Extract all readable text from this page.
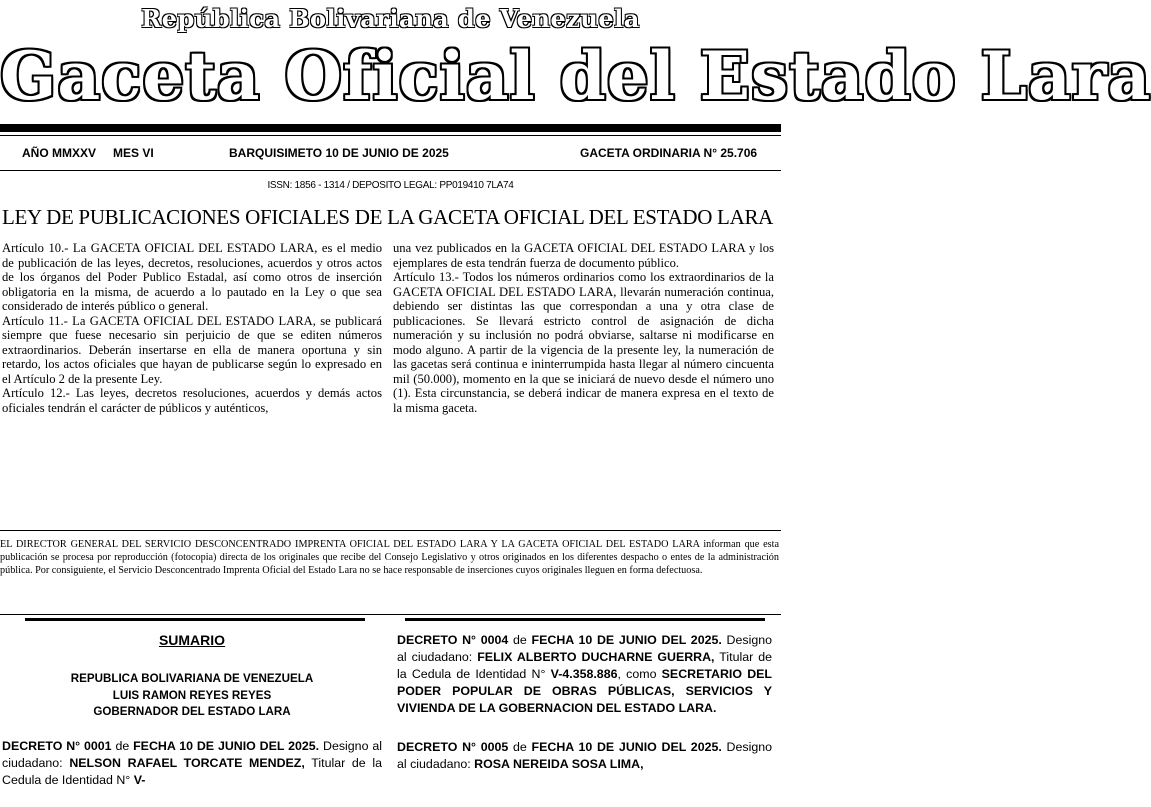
República Bolivariana de Venezuela
Gaceta Oficial del Estado Lara
AÑO MMXXV MES VI	BARQUISIMETO 10 DE JUNIO DE 2025	GACETA ORDINARIA N° 25.706
ISSN: 1856 - 1314 / DEPOSITO LEGAL: PP019410 7LA74
LEY DE PUBLICACIONES OFICIALES DE LA GACETA OFICIAL DEL ESTADO LARA

Artículo 10.- La GACETA OFICIAL DEL ESTADO LARA, es el medio de publicación de las leyes, decretos, resoluciones, acuerdos y otros actos de los órganos del Poder Publico Estadal, así como otros de inserción obligatoria en la misma, de acuerdo a lo pautado en la Ley o que sea considerado de interés público o general.

Artículo 11.- La GACETA OFICIAL DEL ESTADO LARA, se publicará siempre que fuese necesario sin perjuicio de que se editen números extraordinarios. Deberán insertarse en ella de manera oportuna y sin retardo, los actos oficiales que hayan de publicarse según lo expresado en el Artículo 2 de la presente Ley.

Artículo 12.- Las leyes, decretos resoluciones, acuerdos y demás actos oficiales tendrán el carácter de públicos y auténticos,

una vez publicados en la GACETA OFICIAL DEL ESTADO LARA y los ejemplares de esta tendrán fuerza de documento público.

Artículo 13.- Todos los números ordinarios como los extraordinarios de la GACETA OFICIAL DEL ESTADO LARA, llevarán numeración continua, debiendo ser distintas las que correspondan a una y otra clase de publicaciones. Se llevará estricto control de asignación de dicha numeración y su inclusión no podrá obviarse, saltarse ni modificarse en modo alguno. A partir de la vigencia de la presente ley, la numeración de las gacetas será continua e ininterrumpida hasta llegar al número cincuenta mil (50.000), momento en la que se iniciará de nuevo desde el número uno (1). Esta circunstancia, se deberá indicar de manera expresa en el texto de la misma gaceta.

EL DIRECTOR GENERAL DEL SERVICIO DESCONCENTRADO IMPRENTA OFICIAL DEL ESTADO LARA Y LA GACETA OFICIAL DEL ESTADO LARA informan que esta publicación se procesa por reproducción (fotocopia) directa de los originales que recibe del Consejo Legislativo y otros originados en los diferentes despacho o entes de la administración pública. Por consiguiente, el Servicio Desconcentrado Imprenta Oficial del Estado Lara no se hace responsable de inserciones cuyos originales lleguen en forma defectuosa.

SUMARIO
REPUBLICA BOLIVARIANA DE VENEZUELA
LUIS RAMON REYES REYES
GOBERNADOR DEL ESTADO LARA
DECRETO N° 0001 de FECHA 10 DE JUNIO DEL 2025. Designo al ciudadano: NELSON RAFAEL TORCATE MENDEZ, Titular de la Cedula de Identidad N° V-
DECRETO N° 0004 de FECHA 10 DE JUNIO DEL 2025. Designo al ciudadano: FELIX ALBERTO DUCHARNE GUERRA, Titular de la Cedula de Identidad N° V-4.358.886, como SECRETARIO DEL PODER POPULAR DE OBRAS PÚBLICAS, SERVICIOS Y VIVIENDA DE LA GOBERNACION DEL ESTADO LARA.
DECRETO N° 0005 de FECHA 10 DE JUNIO DEL 2025. Designo al ciudadano: ROSA NEREIDA SOSA LIMA,
